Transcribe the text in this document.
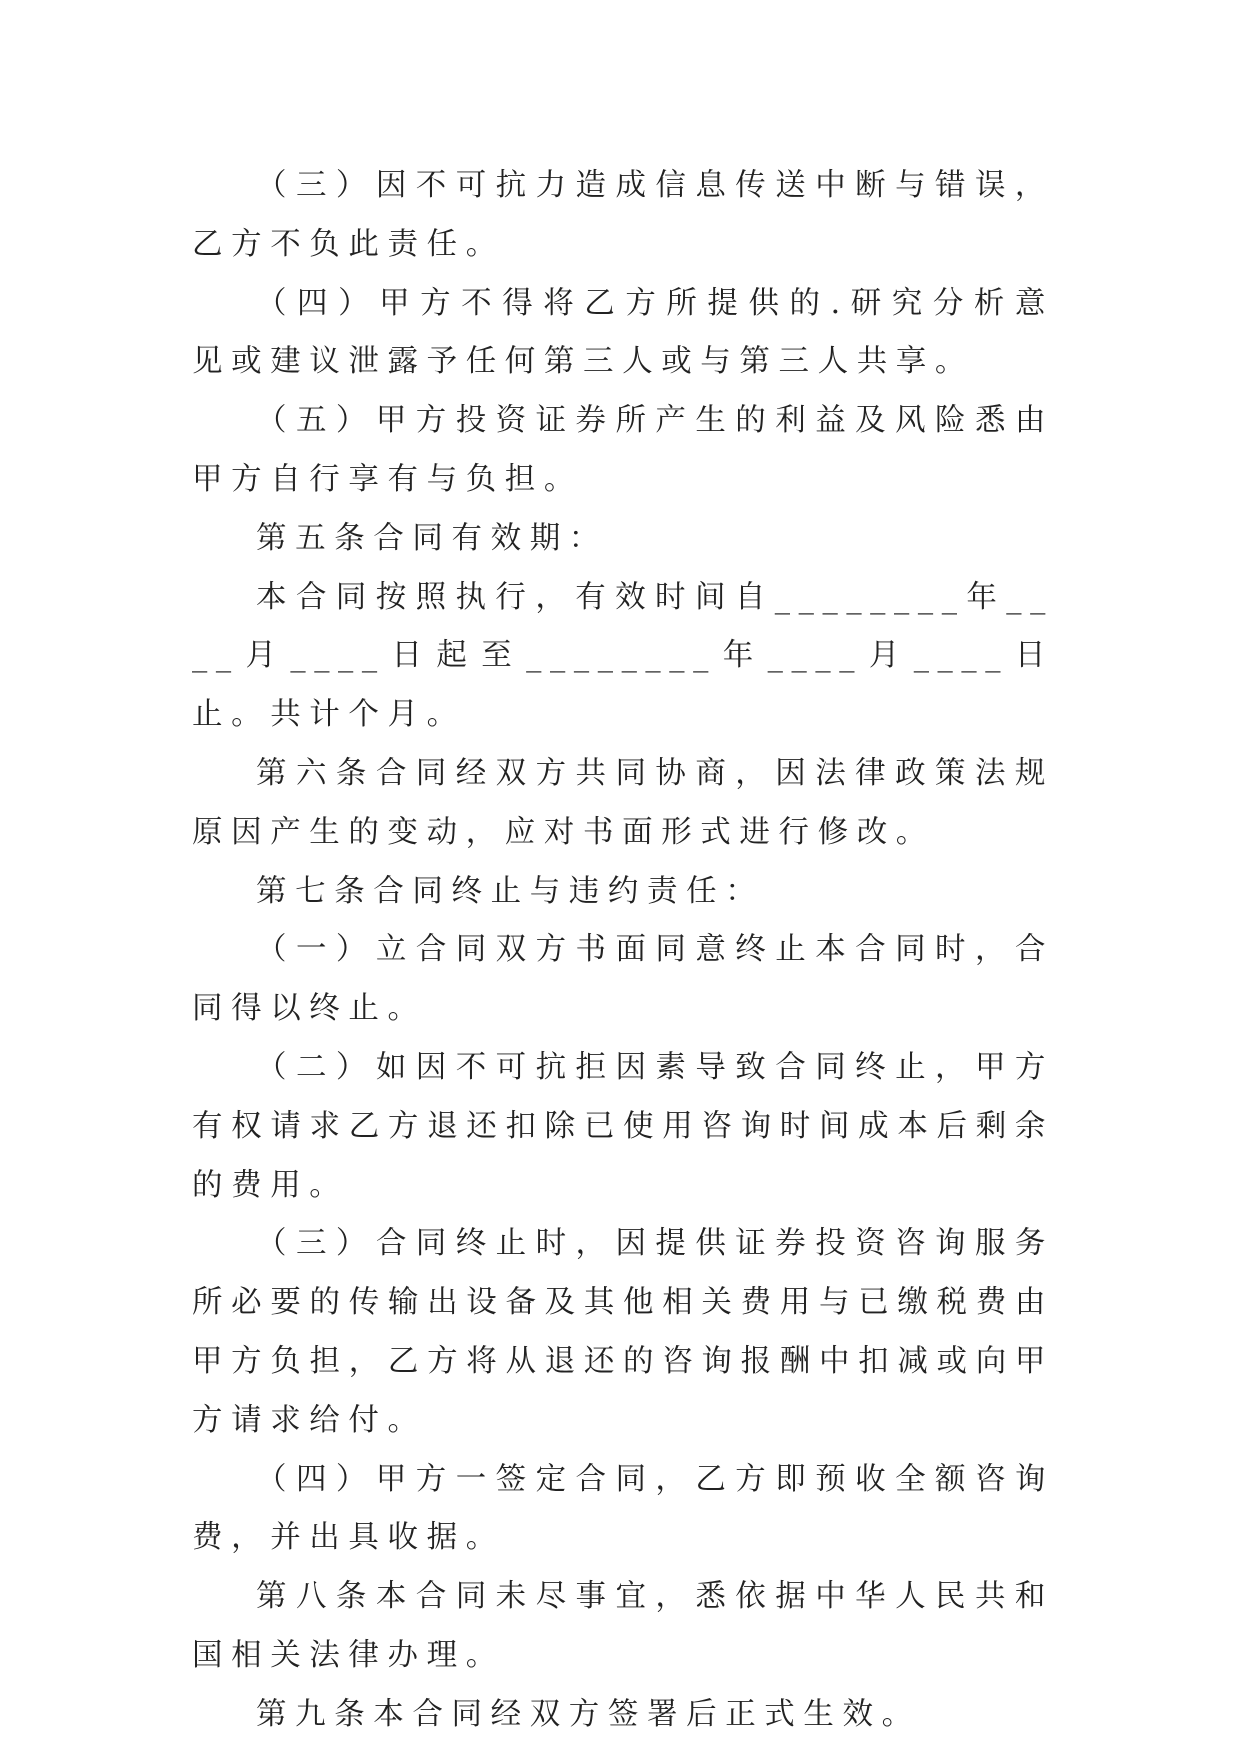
（三）因不可抗力造成信息传送中断与错误，乙方不负此责任。

（四）甲方不得将乙方所提供的.研究分析意见或建议泄露予任何第三人或与第三人共享。

（五）甲方投资证券所产生的利益及风险悉由甲方自行享有与负担。

第五条合同有效期：

本合同按照执行，有效时间自________年____月____日起至________年____月____日止。共计个月。

第六条合同经双方共同协商，因法律政策法规原因产生的变动，应对书面形式进行修改。

第七条合同终止与违约责任：

（一）立合同双方书面同意终止本合同时，合同得以终止。

（二）如因不可抗拒因素导致合同终止，甲方有权请求乙方退还扣除已使用咨询时间成本后剩余的费用。

（三）合同终止时，因提供证券投资咨询服务所必要的传输出设备及其他相关费用与已缴税费由甲方负担，乙方将从退还的咨询报酬中扣减或向甲方请求给付。

（四）甲方一签定合同，乙方即预收全额咨询费，并出具收据。

第八条本合同未尽事宜，悉依据中华人民共和国相关法律办理。

第九条本合同经双方签署后正式生效。
